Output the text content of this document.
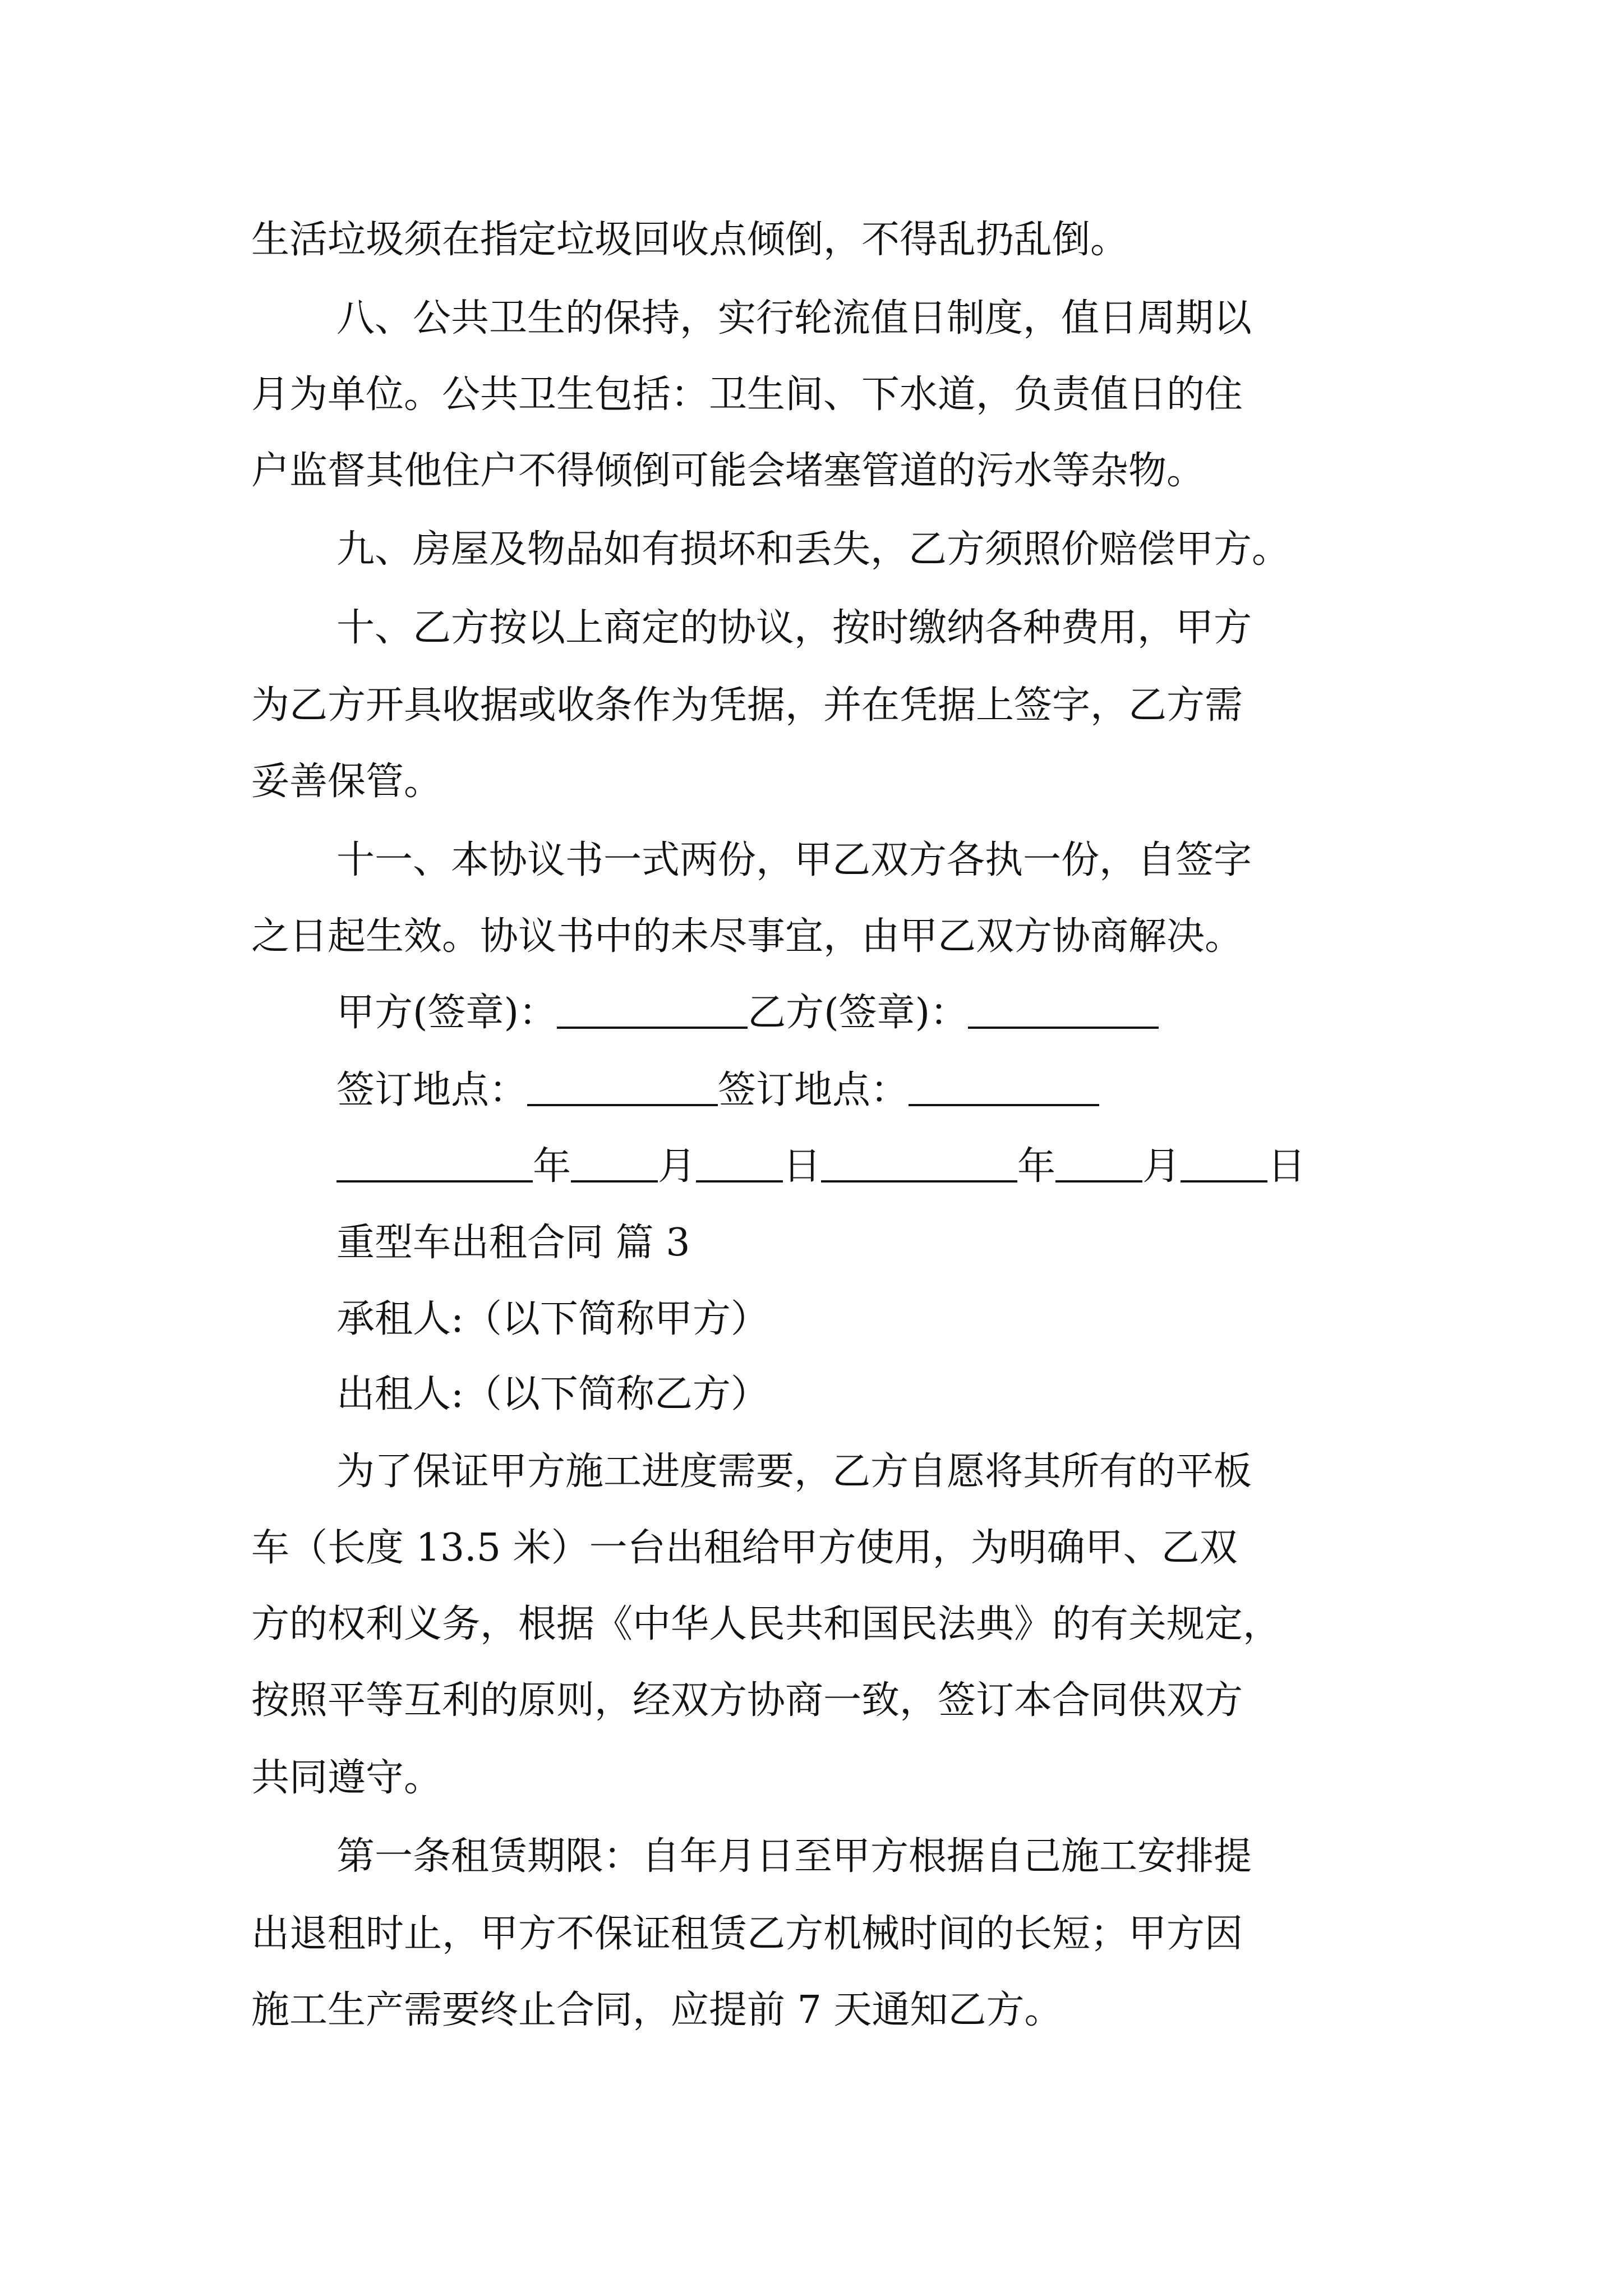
生活垃圾须在指定垃圾回收点倾倒，不得乱扔乱倒。

八、公共卫生的保持，实行轮流值日制度，值日周期以

月为单位。公共卫生包括：卫生间、下水道，负责值日的住

户监督其他住户不得倾倒可能会堵塞管道的污水等杂物。

九、房屋及物品如有损坏和丢失，乙方须照价赔偿甲方。

十、乙方按以上商定的协议，按时缴纳各种费用，甲方

为乙方开具收据或收条作为凭据，并在凭据上签字，乙方需

妥善保管。

十一、本协议书一式两份，甲乙双方各执一份，自签字

之日起生效。协议书中的未尽事宜，由甲乙双方协商解决。

甲方(签章)：	乙方(签章)：
签订地点：	签订地点：
年 月 日	年 月 日

重型车出租合同 篇 3

承租人:（以下简称甲方）

出租人:（以下简称乙方）

为了保证甲方施工进度需要，乙方自愿将其所有的平板

车（长度 13.5 米）一台出租给甲方使用，为明确甲、乙双

方的权利义务，根据《中华人民共和国民法典》的有关规定，

按照平等互利的原则，经双方协商一致，签订本合同供双方

共同遵守。

第一条租赁期限：自年月日至甲方根据自己施工安排提

出退租时止，甲方不保证租赁乙方机械时间的长短；甲方因

施工生产需要终止合同，应提前 7 天通知乙方。
